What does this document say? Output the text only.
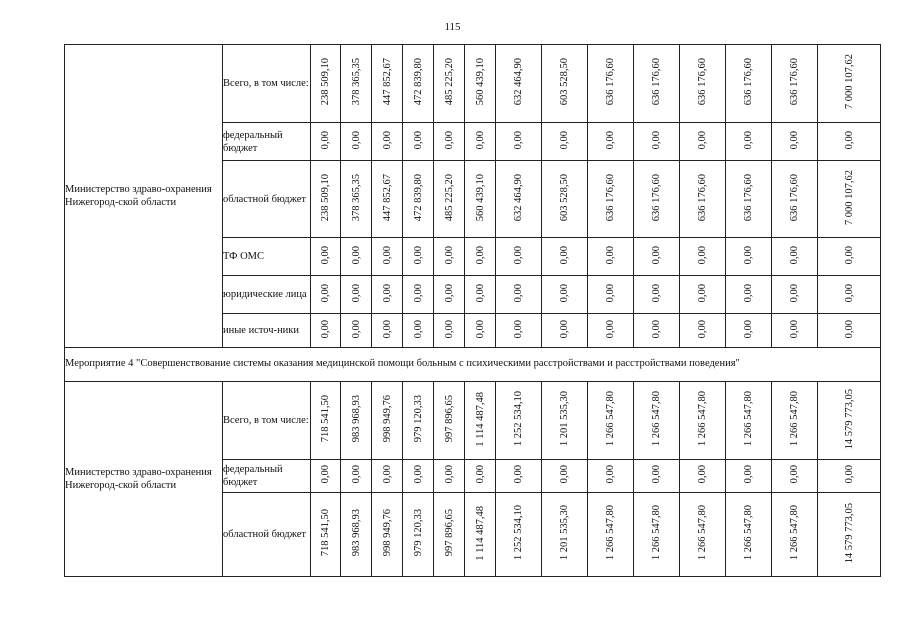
115
Министерство здраво-охранения Нижегород-ской области	Всего, в том числе:	238 509,10	378 365,35	447 852,67	472 839,80	485 225,20	560 439,10	632 464,90	603 528,50	636 176,60	636 176,60	636 176,60	636 176,60	636 176,60	7 000 107,62
	федеральный бюджет	0,00	0,00	0,00	0,00	0,00	0,00	0,00	0,00	0,00	0,00	0,00	0,00	0,00	0,00
	областной бюджет	238 509,10	378 365,35	447 852,67	472 839,80	485 225,20	560 439,10	632 464,90	603 528,50	636 176,60	636 176,60	636 176,60	636 176,60	636 176,60	7 000 107,62
	ТФ ОМС	0,00	0,00	0,00	0,00	0,00	0,00	0,00	0,00	0,00	0,00	0,00	0,00	0,00	0,00
	юридические лица	0,00	0,00	0,00	0,00	0,00	0,00	0,00	0,00	0,00	0,00	0,00	0,00	0,00	0,00
	иные источ-ники	0,00	0,00	0,00	0,00	0,00	0,00	0,00	0,00	0,00	0,00	0,00	0,00	0,00	0,00
Мероприятие 4 "Совершенствование системы оказания медицинской помощи больным с психическими расстройствами и расстройствами поведения"															
Министерство здраво-охранения Нижегород-ской области	Всего, в том числе:	718 541,50	983 968,93	998 949,76	979 120,33	997 896,65	1 114 487,48	1 252 534,10	1 201 535,30	1 266 547,80	1 266 547,80	1 266 547,80	1 266 547,80	1 266 547,80	14 579 773,05
	федеральный бюджет	0,00	0,00	0,00	0,00	0,00	0,00	0,00	0,00	0,00	0,00	0,00	0,00	0,00	0,00
	областной бюджет	718 541,50	983 968,93	998 949,76	979 120,33	997 896,65	1 114 487,48	1 252 534,10	1 201 535,30	1 266 547,80	1 266 547,80	1 266 547,80	1 266 547,80	1 266 547,80	14 579 773,05
